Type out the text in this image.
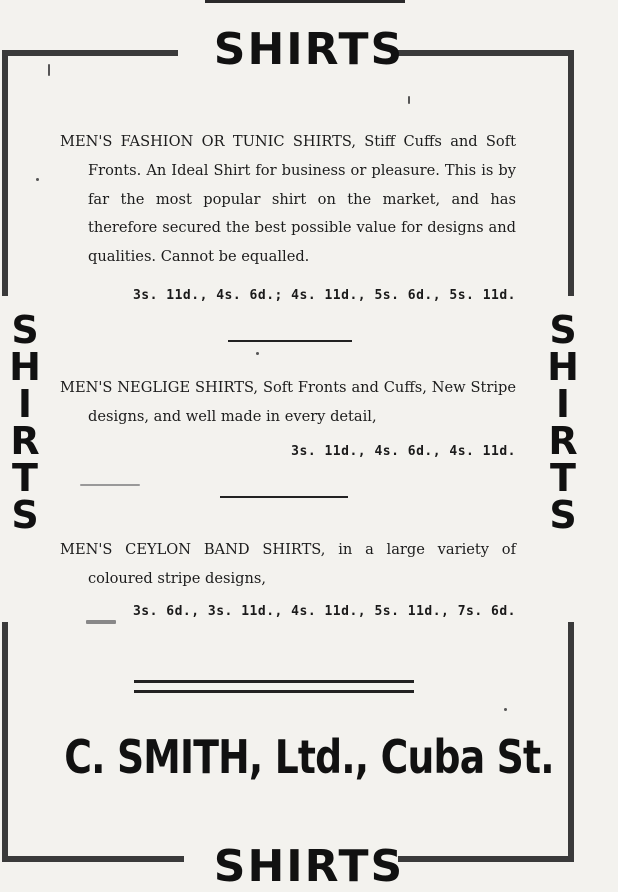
SHIRTS
SHIRTS
S
H
I
R
T
S
S
H
I
R
T
S

MEN'S FASHION OR TUNIC SHIRTS, Stiff Cuffs and Soft Fronts. An Ideal Shirt for business or pleasure. This is by far the most popular shirt on the market, and has therefore secured the best possible value for designs and qualities. Cannot be equalled.

3s. 11d., 4s. 6d.; 4s. 11d., 5s. 6d., 5s. 11d.

MEN'S NEGLIGE SHIRTS, Soft Fronts and Cuffs, New Stripe designs, and well made in every detail,

3s. 11d., 4s. 6d., 4s. 11d.

MEN'S CEYLON BAND SHIRTS, in a large variety of coloured stripe designs,

3s. 6d., 3s. 11d., 4s. 11d., 5s. 11d., 7s. 6d.
C. SMITH, Ltd., Cuba St.
